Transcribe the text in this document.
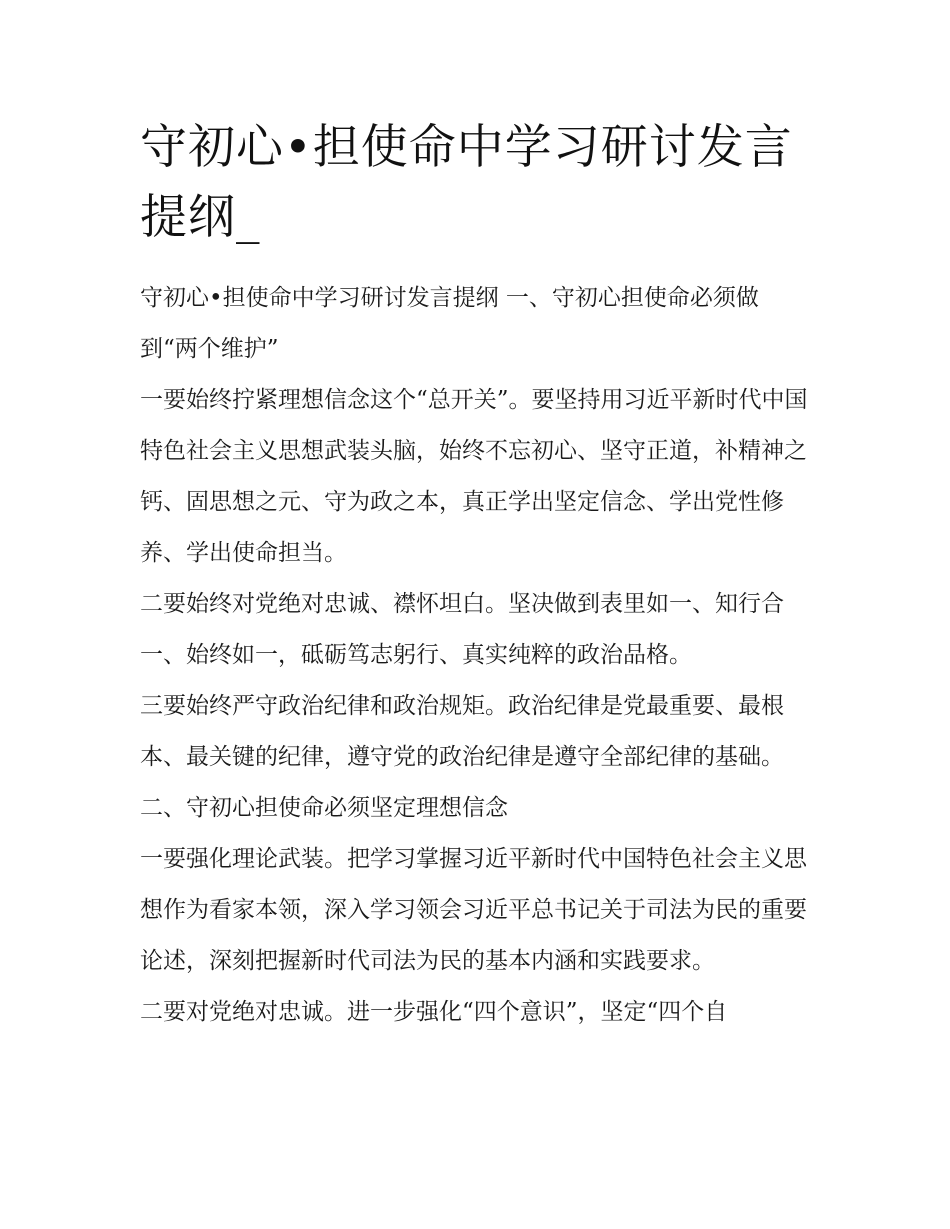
守初心•担使命中学习研讨发言提纲_

守初心•担使命中学习研讨发言提纲 一、守初心担使命必须做到“两个维护”

一要始终拧紧理想信念这个“总开关”。要坚持用习近平新时代中国特色社会主义思想武装头脑，始终不忘初心、坚守正道，补精神之钙、固思想之元、守为政之本，真正学出坚定信念、学出党性修养、学出使命担当。

二要始终对党绝对忠诚、襟怀坦白。坚决做到表里如一、知行合一、始终如一，砥砺笃志躬行、真实纯粹的政治品格。

三要始终严守政治纪律和政治规矩。政治纪律是党最重要、最根本、最关键的纪律，遵守党的政治纪律是遵守全部纪律的基础。 二、守初心担使命必须坚定理想信念

一要强化理论武装。把学习掌握习近平新时代中国特色社会主义思想作为看家本领，深入学习领会习近平总书记关于司法为民的重要论述，深刻把握新时代司法为民的基本内涵和实践要求。

二要对党绝对忠诚。进一步强化“四个意识”，坚定“四个自
